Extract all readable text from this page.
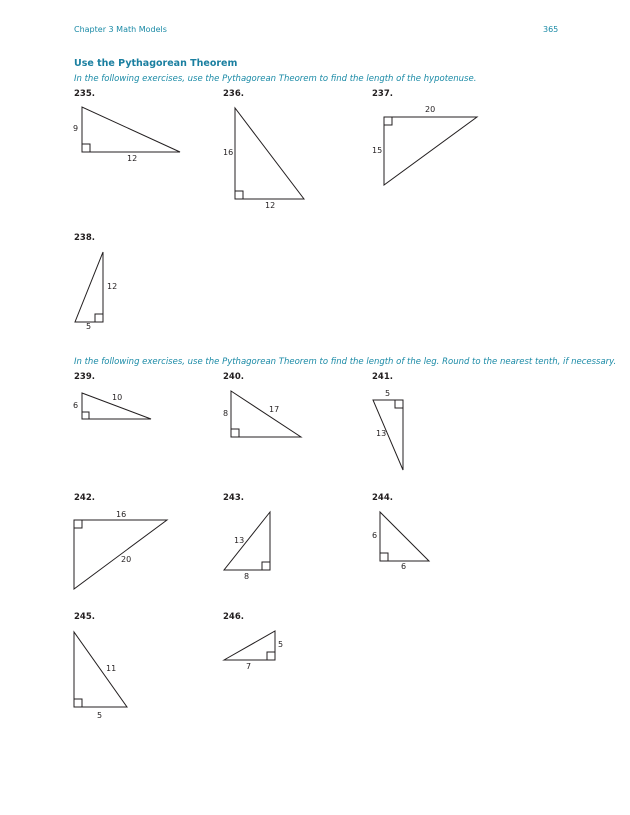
Chapter 3 Math Models	365
Use the Pythagorean Theorem
In the following exercises, use the Pythagorean Theorem to find the length of the hypotenuse.
In the following exercises, use the Pythagorean Theorem to find the length of the leg. Round to the nearest tenth, if necessary.
235.	236.	237.
238.
239.	240.	241.
242.	243.	244.
245.	246.
9
12
16
12
20
15
12
5
6
10
8	17
5
13
16
20
13
8
6
6
11
5
5
7
